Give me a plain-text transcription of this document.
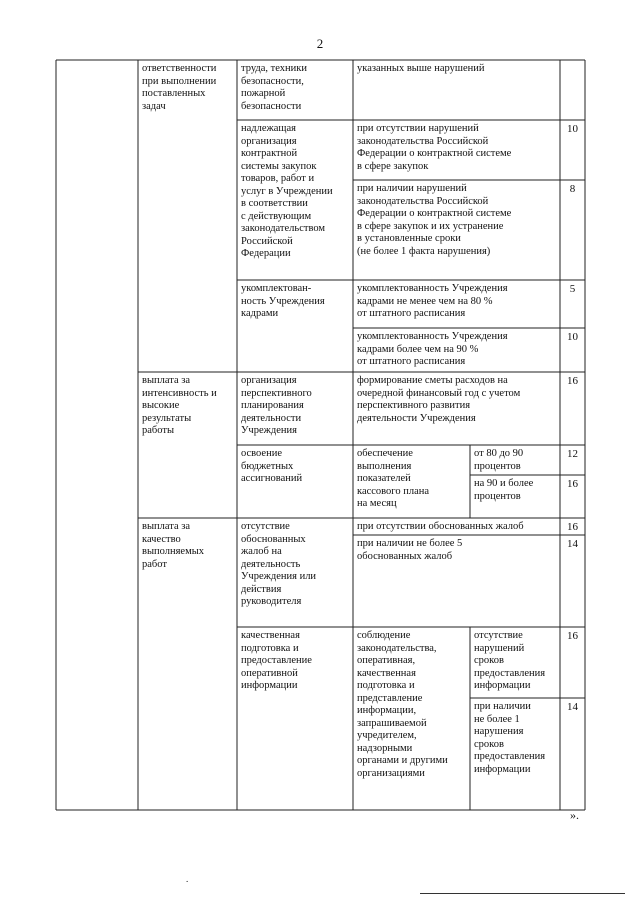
2
ответственности
при выполнении
поставленных
задач
труда, техники
безопасности,
пожарной
безопасности
указанных выше нарушений
надлежащая
организация
контрактной
системы закупок
товаров, работ и
услуг в Учреждении
в соответствии
с действующим
законодательством
Российской
Федерации
при отсутствии нарушений
законодательства Российской
Федерации о контрактной системе
в сфере закупок
10
при наличии нарушений
законодательства Российской
Федерации о контрактной системе
в сфере закупок и их устранение
в установленные сроки
(не более 1 факта нарушения)
8
укомплектован-
ность Учреждения
кадрами
укомплектованность Учреждения
кадрами не менее чем на 80 %
от штатного расписания
5
укомплектованность Учреждения
кадрами более чем на 90 %
от штатного расписания
10
выплата за
интенсивность и
высокие
результаты
работы
организация
перспективного
планирования
деятельности
Учреждения
формирование сметы расходов на
очередной финансовый год с учетом
перспективного развития
деятельности Учреждения
16
освоение
бюджетных
ассигнований
обеспечение
выполнения
показателей
кассового плана
на месяц
от 80 до 90
процентов
12
на 90 и более
процентов
16
выплата за
качество
выполняемых
работ
отсутствие
обоснованных
жалоб на
деятельность
Учреждения или
действия
руководителя
при отсутствии обоснованных жалоб	16
при наличии не более 5
обоснованных жалоб
14
качественная
подготовка и
предоставление
оперативной
информации
соблюдение
законодательства,
оперативная,
качественная
подготовка и
представление
информации,
запрашиваемой
учредителем,
надзорными
органами и другими
организациями
отсутствие
нарушений
сроков
предоставления
информации
16
при наличии
не более 1
нарушения
сроков
предоставления
информации
14
».
.
